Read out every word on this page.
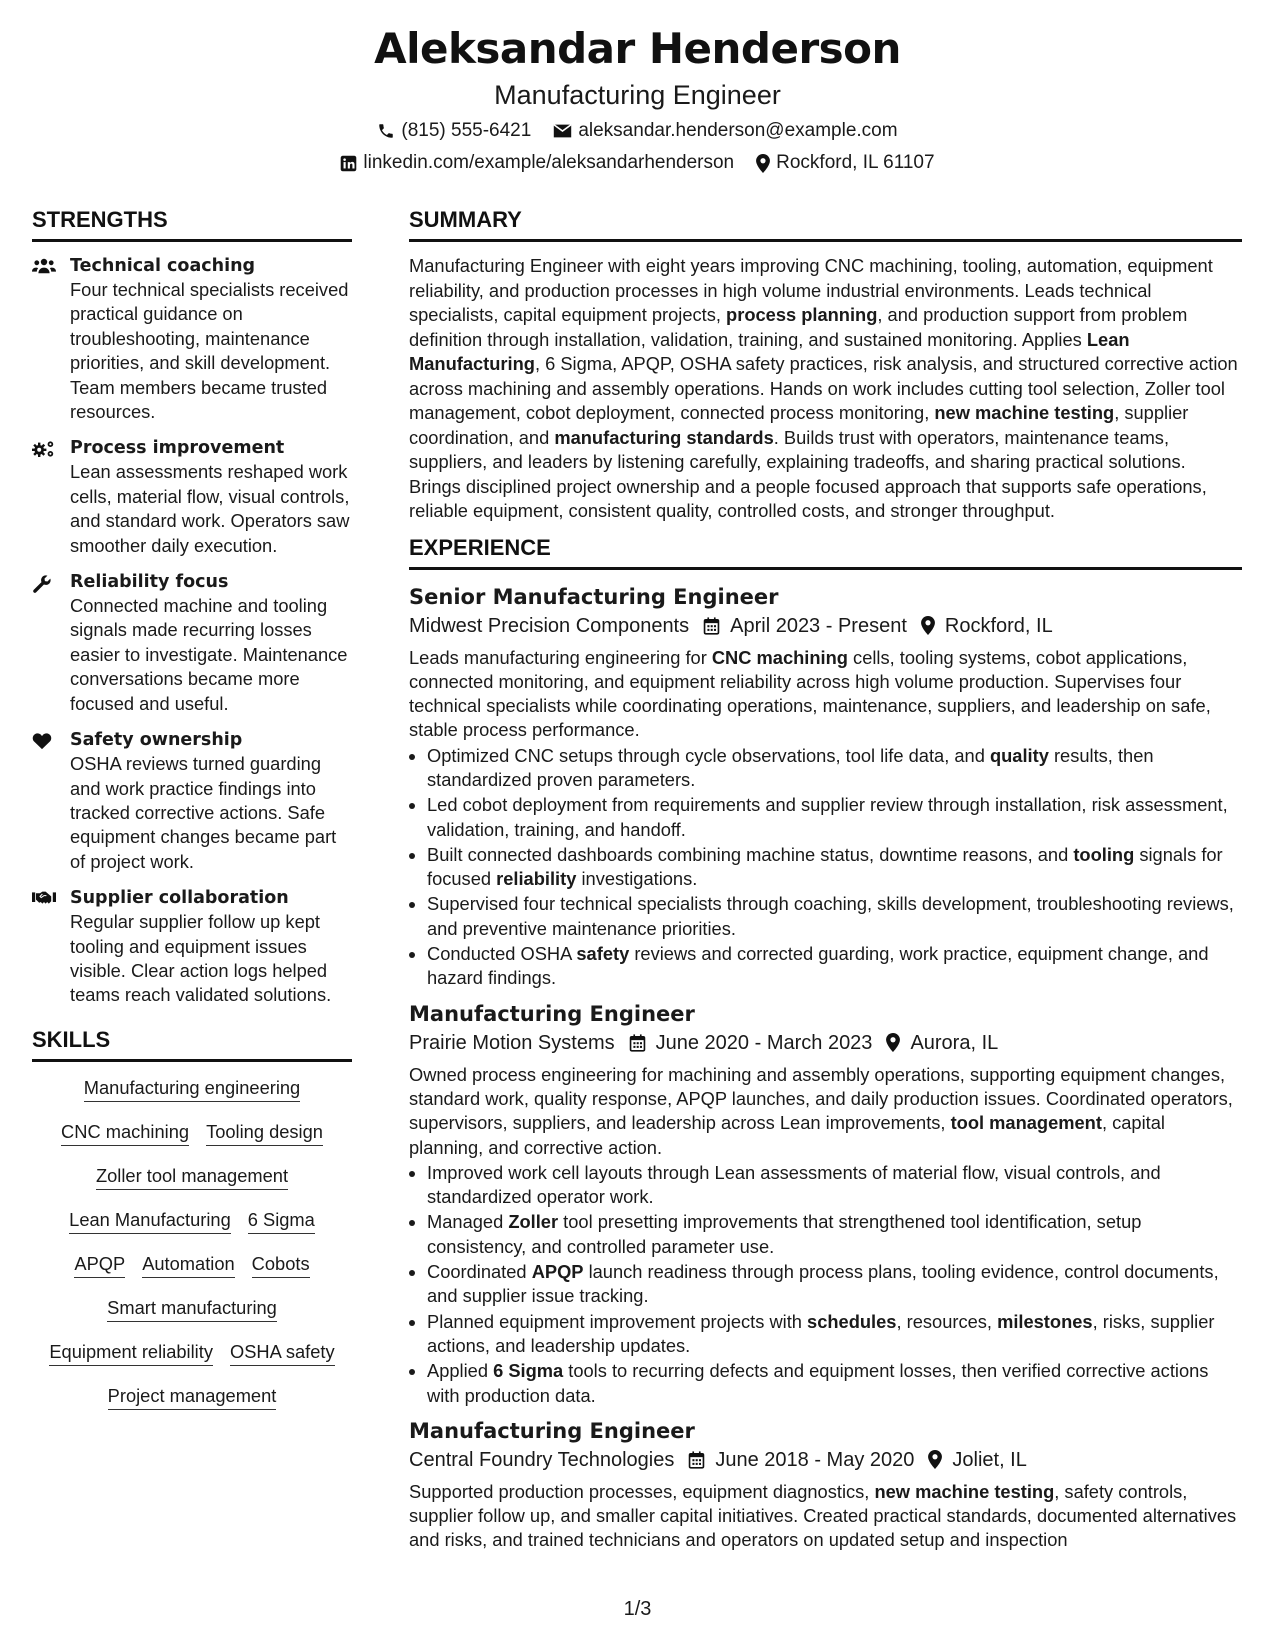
Aleksandar Henderson
Manufacturing Engineer
(815) 555-6421 aleksandar.henderson@example.com
linkedin.com/example/aleksandarhenderson Rockford, IL 61107
STRENGTHS
Technical coaching
Four technical specialists received practical guidance on troubleshooting, maintenance priorities, and skill development. Team members became trusted resources.
Process improvement
Lean assessments reshaped work cells, material flow, visual controls, and standard work. Operators saw smoother daily execution.
Reliability focus
Connected machine and tooling signals made recurring losses easier to investigate. Maintenance conversations became more focused and useful.
Safety ownership
OSHA reviews turned guarding and work practice findings into tracked corrective actions. Safe equipment changes became part of project work.
Supplier collaboration
Regular supplier follow up kept tooling and equipment issues visible. Clear action logs helped teams reach validated solutions.
SKILLS
Manufacturing engineering
CNC machining Tooling design
Zoller tool management
Lean Manufacturing 6 Sigma
APQP Automation Cobots
Smart manufacturing
Equipment reliability OSHA safety
Project management
SUMMARY
Manufacturing Engineer with eight years improving CNC machining, tooling, automation, equipment reliability, and production processes in high volume industrial environments. Leads technical specialists, capital equipment projects, process planning, and production support from problem definition through installation, validation, training, and sustained monitoring. Applies Lean Manufacturing, 6 Sigma, APQP, OSHA safety practices, risk analysis, and structured corrective action across machining and assembly operations. Hands on work includes cutting tool selection, Zoller tool management, cobot deployment, connected process monitoring, new machine testing, supplier coordination, and manufacturing standards. Builds trust with operators, maintenance teams, suppliers, and leaders by listening carefully, explaining tradeoffs, and sharing practical solutions. Brings disciplined project ownership and a people focused approach that supports safe operations, reliable equipment, consistent quality, controlled costs, and stronger throughput.
EXPERIENCE
Senior Manufacturing Engineer
Midwest Precision Components April 2023 - Present Rockford, IL
Leads manufacturing engineering for CNC machining cells, tooling systems, cobot applications, connected monitoring, and equipment reliability across high volume production. Supervises four technical specialists while coordinating operations, maintenance, suppliers, and leadership on safe, stable process performance.
• Optimized CNC setups through cycle observations, tool life data, and quality results, then standardized proven parameters.
• Led cobot deployment from requirements and supplier review through installation, risk assessment, validation, training, and handoff.
• Built connected dashboards combining machine status, downtime reasons, and tooling signals for focused reliability investigations.
• Supervised four technical specialists through coaching, skills development, troubleshooting reviews, and preventive maintenance priorities.
• Conducted OSHA safety reviews and corrected guarding, work practice, equipment change, and hazard findings.
Manufacturing Engineer
Prairie Motion Systems June 2020 - March 2023 Aurora, IL
Owned process engineering for machining and assembly operations, supporting equipment changes, standard work, quality response, APQP launches, and daily production issues. Coordinated operators, supervisors, suppliers, and leadership across Lean improvements, tool management, capital planning, and corrective action.
• Improved work cell layouts through Lean assessments of material flow, visual controls, and standardized operator work.
• Managed Zoller tool presetting improvements that strengthened tool identification, setup consistency, and controlled parameter use.
• Coordinated APQP launch readiness through process plans, tooling evidence, control documents, and supplier issue tracking.
• Planned equipment improvement projects with schedules, resources, milestones, risks, supplier actions, and leadership updates.
• Applied 6 Sigma tools to recurring defects and equipment losses, then verified corrective actions with production data.
Manufacturing Engineer
Central Foundry Technologies June 2018 - May 2020 Joliet, IL
Supported production processes, equipment diagnostics, new machine testing, safety controls, supplier follow up, and smaller capital initiatives. Created practical standards, documented alternatives and risks, and trained technicians and operators on updated setup and inspection
1/3
